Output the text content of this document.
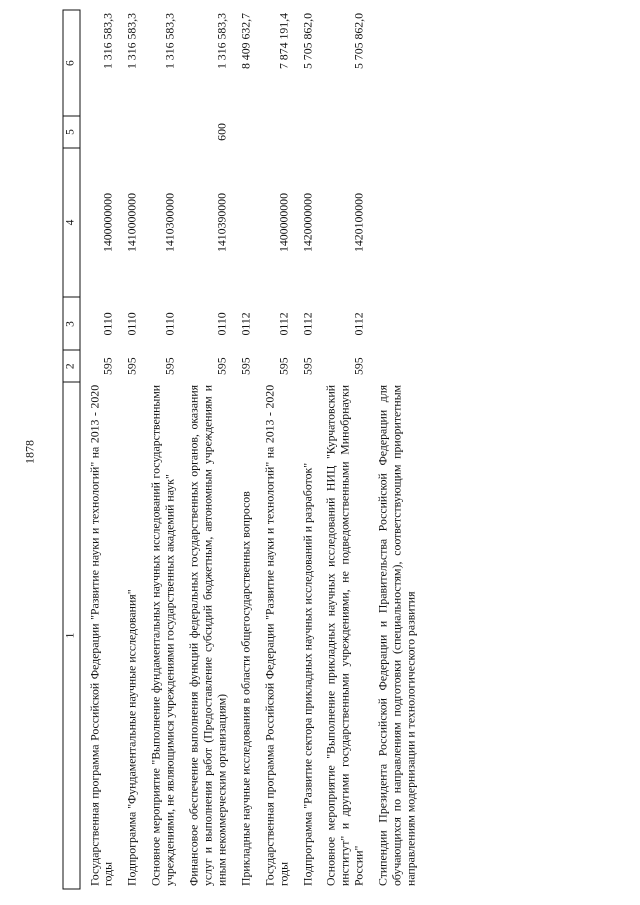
1878
1	2	3	4	5	6
Государственная программа Российской Федерации "Развитие науки и технологий" на 2013 - 2020 годы	595	0110	1400000000		1 316 583,3
Подпрограмма "Фундаментальные научные исследования"	595	0110	1410000000		1 316 583,3
Основное мероприятие "Выполнение фундаментальных научных исследований государственными учреждениями, не являющимися учреждениями государственных академий наук"	595	0110	1410300000		1 316 583,3
Финансовое обеспечение выполнения функций федеральных государственных органов, оказания услуг и выполнения работ (Предоставление субсидий бюджетным, автономным учреждениям и иным некоммерческим организациям)	595	0110	1410390000	600	1 316 583,3
Прикладные научные исследования в области общегосударственных вопросов	595	0112			8 409 632,7
Государственная программа Российской Федерации "Развитие науки и технологий" на 2013 - 2020 годы	595	0112	1400000000		7 874 191,4
Подпрограмма "Развитие сектора прикладных научных исследований и разработок"	595	0112	1420000000		5 705 862,0
Основное мероприятие "Выполнение прикладных научных исследований НИЦ "Курчатовский институт" и другими государственными учреждениями, не подведомственными Минобрнауки России"	595	0112	1420100000		5 705 862,0
Стипендии Президента Российской Федерации и Правительства Российской Федерации для обучающихся по направлениям подготовки (специальностям), соответствующим приоритетным направлениям модернизации и технологического развития					
